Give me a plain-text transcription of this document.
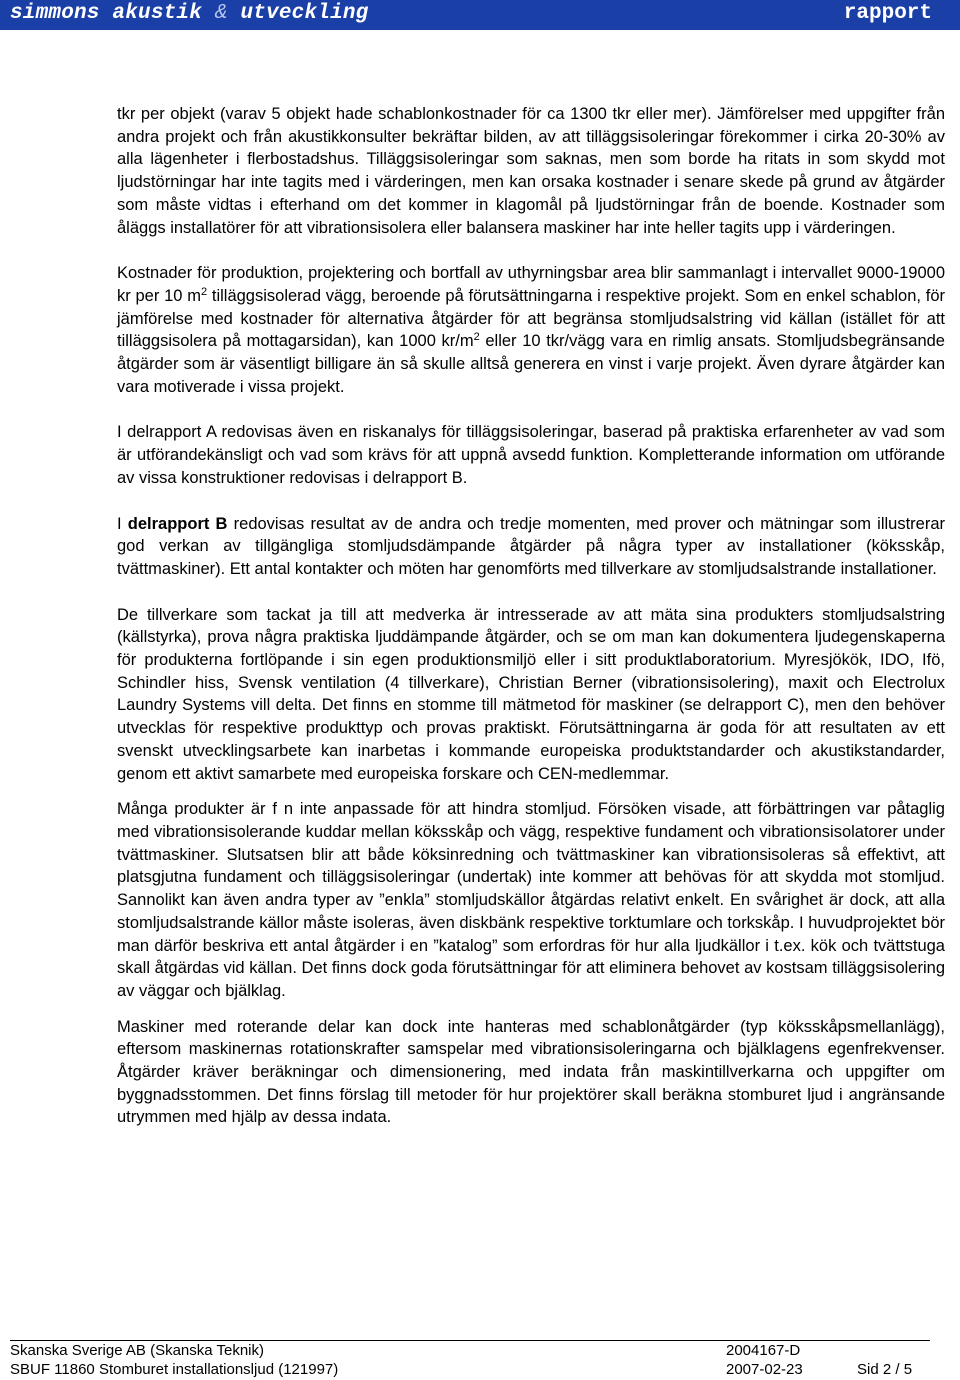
simmons akustik & utveckling	rapport

tkr per objekt (varav 5 objekt hade schablonkostnader för ca 1300 tkr eller mer). Jämförelser med uppgifter från andra projekt och från akustikkonsulter bekräftar bilden, av att tilläggsisoleringar förekommer i cirka 20-30% av alla lägenheter i flerbostadshus. Tilläggsisoleringar som saknas, men som borde ha ritats in som skydd mot ljudstörningar har inte tagits med i värderingen, men kan orsaka kostnader i senare skede på grund av åtgärder som måste vidtas i efterhand om det kommer in klagomål på ljudstörningar från de boende. Kostnader som åläggs installatörer för att vibrationsisolera eller balansera maskiner har inte heller tagits upp i värderingen.

Kostnader för produktion, projektering och bortfall av uthyrningsbar area blir sammanlagt i intervallet 9000-19000 kr per 10 $m^2$ tilläggsisolerad vägg, beroende på förutsättningarna i respektive projekt. Som en enkel schablon, för jämförelse med kostnader för alternativa åtgärder för att begränsa stomljudsalstring vid källan (istället för att tilläggsisolera på mottagarsidan), kan 1000 $kr/m^2$ eller 10 tkr/vägg vara en rimlig ansats. Stomljudsbegränsande åtgärder som är väsentligt billigare än så skulle alltså generera en vinst i varje projekt. Även dyrare åtgärder kan vara motiverade i vissa projekt.

I delrapport A redovisas även en riskanalys för tilläggsisoleringar, baserad på praktiska erfarenheter av vad som är utförandekänsligt och vad som krävs för att uppnå avsedd funktion. Kompletterande information om utförande av vissa konstruktioner redovisas i delrapport B.

I delrapport B redovisas resultat av de andra och tredje momenten, med prover och mätningar som illustrerar god verkan av tillgängliga stomljudsdämpande åtgärder på några typer av installationer (köksskåp, tvättmaskiner). Ett antal kontakter och möten har genomförts med tillverkare av stomljudsalstrande installationer.

De tillverkare som tackat ja till att medverka är intresserade av att mäta sina produkters stomljudsalstring (källstyrka), prova några praktiska ljuddämpande åtgärder, och se om man kan dokumentera ljudegenskaperna för produkterna fortlöpande i sin egen produktionsmiljö eller i sitt produktlaboratorium. Myresjökök, IDO, Ifö, Schindler hiss, Svensk ventilation (4 tillverkare), Christian Berner (vibrationsisolering), maxit och Electrolux Laundry Systems vill delta. Det finns en stomme till mätmetod för maskiner (se delrapport C), men den behöver utvecklas för respektive produkttyp och provas praktiskt. Förutsättningarna är goda för att resultaten av ett svenskt utvecklingsarbete kan inarbetas i kommande europeiska produktstandarder och akustikstandarder, genom ett aktivt samarbete med europeiska forskare och CEN-medlemmar.

Många produkter är f n inte anpassade för att hindra stomljud. Försöken visade, att förbättringen var påtaglig med vibrationsisolerande kuddar mellan köksskåp och vägg, respektive fundament och vibrationsisolatorer under tvättmaskiner. Slutsatsen blir att både köksinredning och tvättmaskiner kan vibrationsisoleras så effektivt, att platsgjutna fundament och tilläggsisoleringar (undertak) inte kommer att behövas för att skydda mot stomljud. Sannolikt kan även andra typer av ”enkla” stomljudskällor åtgärdas relativt enkelt. En svårighet är dock, att alla stomljudsalstrande källor måste isoleras, även diskbänk respektive torktumlare och torkskåp. I huvudprojektet bör man därför beskriva ett antal åtgärder i en ”katalog” som erfordras för hur alla ljudkällor i t.ex. kök och tvättstuga skall åtgärdas vid källan. Det finns dock goda förutsättningar för att eliminera behovet av kostsam tilläggsisolering av väggar och bjälklag.

Maskiner med roterande delar kan dock inte hanteras med schablonåtgärder (typ köksskåpsmellanlägg), eftersom maskinernas rotationskrafter samspelar med vibrationsisoleringarna och bjälklagens egenfrekvenser. Åtgärder kräver beräkningar och dimensionering, med indata från maskintillverkarna och uppgifter om byggnadsstommen. Det finns förslag till metoder för hur projektörer skall beräkna stomburet ljud i angränsande utrymmen med hjälp av dessa indata.

Skanska Sverige AB (Skanska Teknik)	2004167-D
SBUF 11860 Stomburet installationsljud (121997)	2007-02-23	Sid 2 / 5
